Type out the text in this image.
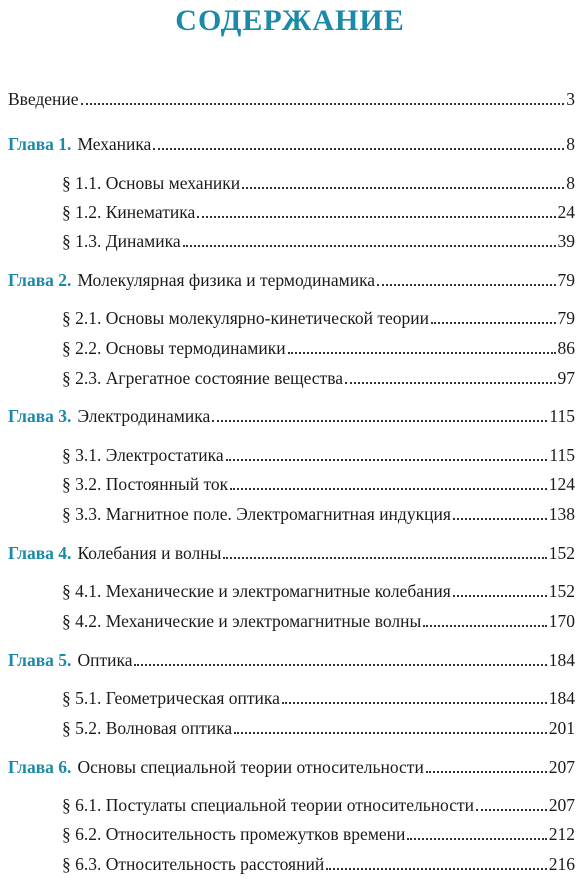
СОДЕРЖАНИЕ
Введение	3
Глава 1. Механика	8
§ 1.1. Основы механики	8
§ 1.2. Кинематика	24
§ 1.3. Динамика	39
Глава 2. Молекулярная физика и термодинамика	79
§ 2.1. Основы молекулярно-кинетической теории	79
§ 2.2. Основы термодинамики	86
§ 2.3. Агрегатное состояние вещества	97
Глава 3. Электродинамика	115
§ 3.1. Электростатика	115
§ 3.2. Постоянный ток	124
§ 3.3. Магнитное поле. Электромагнитная индукция	138
Глава 4. Колебания и волны	152
§ 4.1. Механические и электромагнитные колебания	152
§ 4.2. Механические и электромагнитные волны	170
Глава 5. Оптика	184
§ 5.1. Геометрическая оптика	184
§ 5.2. Волновая оптика	201
Глава 6. Основы специальной теории относительности	207
§ 6.1. Постулаты специальной теории относительности	207
§ 6.2. Относительность промежутков времени	212
§ 6.3. Относительность расстояний	216
